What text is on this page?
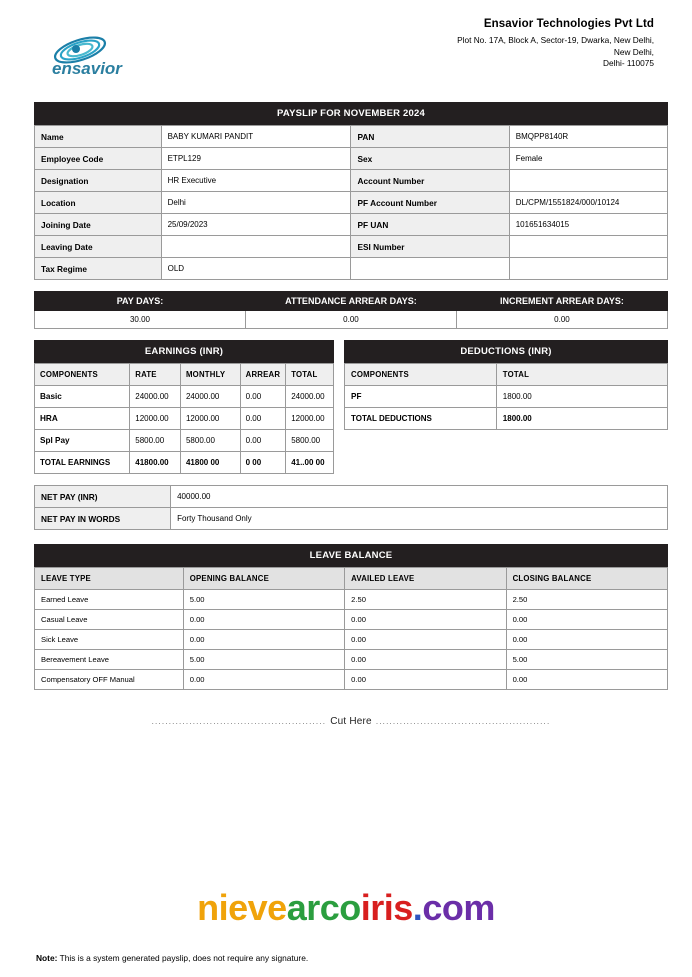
ensavior
Ensavior Technologies Pvt Ltd
Plot No. 17A, Block A, Sector-19, Dwarka, New Delhi,
New Delhi,
Delhi- 110075
PAYSLIP FOR NOVEMBER 2024
Name	BABY KUMARI PANDIT	PAN	BMQPP8140R
Employee Code	ETPL129	Sex	Female
Designation	HR Executive	Account Number	
Location	Delhi	PF Account Number	DL/CPM/1551824/000/10124
Joining Date	25/09/2023	PF UAN	101651634015
Leaving Date		ESI Number	
Tax Regime	OLD		
PAY DAYS:	ATTENDANCE ARREAR DAYS:	INCREMENT ARREAR DAYS:
30.00	0.00	0.00
EARNINGS (INR)
COMPONENTS	RATE	MONTHLY	ARREAR	TOTAL
Basic	24000.00	24000.00	0.00	24000.00
HRA	12000.00	12000.00	0.00	12000.00
Spl Pay	5800.00	5800.00	0.00	5800.00
TOTAL EARNINGS	41800.00	41800 00	0 00	41..00 00
DEDUCTIONS (INR)
COMPONENTS	TOTAL
PF	1800.00
TOTAL DEDUCTIONS	1800.00
NET PAY (INR)	40000.00
NET PAY IN WORDS	Forty Thousand Only
LEAVE BALANCE
LEAVE TYPE	OPENING BALANCE	AVAILED LEAVE	CLOSING BALANCE
Earned Leave	5.00	2.50	2.50
Casual Leave	0.00	0.00	0.00
Sick Leave	0.00	0.00	0.00
Bereavement Leave	5.00	0.00	5.00
Compensatory OFF Manual	0.00	0.00	0.00
................................................... Cut Here ...................................................
nievearcoiris.com
Note: This is a system generated payslip, does not require any signature.
